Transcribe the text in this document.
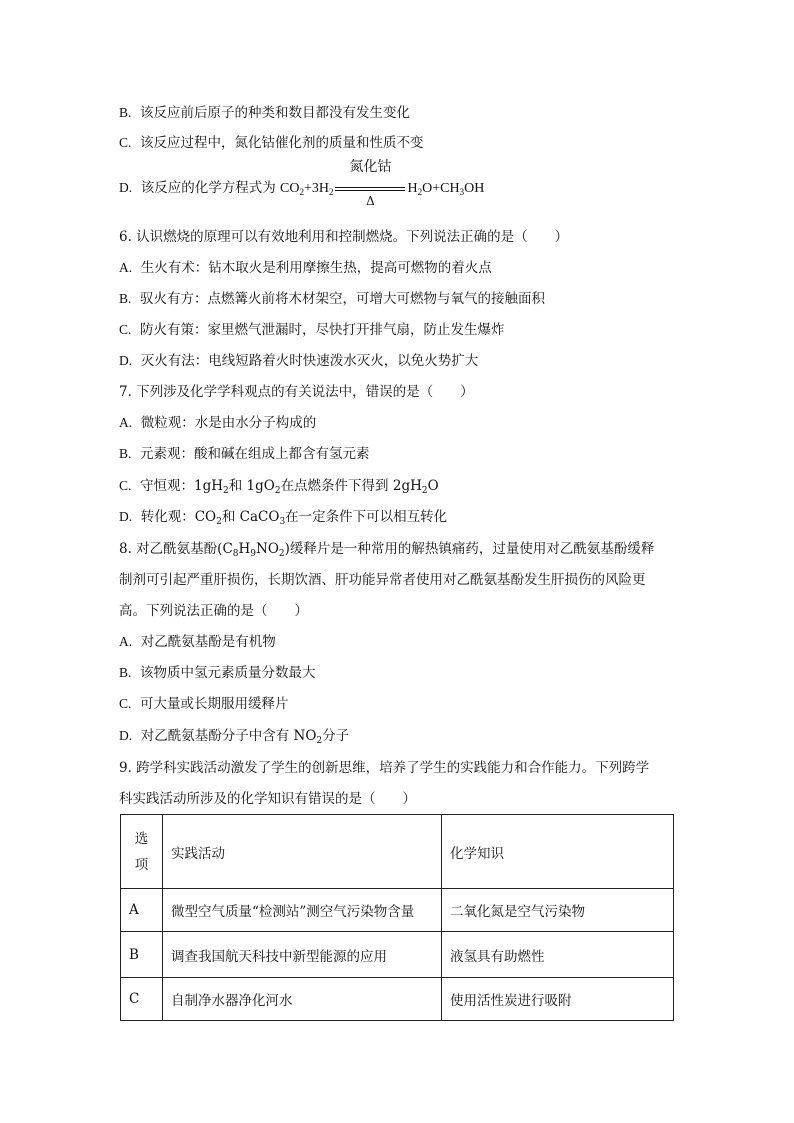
B. 该反应前后原子的种类和数目都没有发生变化
C. 该反应过程中，氮化钴催化剂的质量和性质不变
D. 该反应的化学方程式为 $CO_2+3H_2 \frac{\text{氮化钴}}{\Delta} H_2O+CH_3OH$
6. 认识燃烧的原理可以有效地利用和控制燃烧。下列说法正确的是（　　）
A. 生火有术：钻木取火是利用摩擦生热，提高可燃物的着火点
B. 驭火有方：点燃篝火前将木材架空，可增大可燃物与氧气的接触面积
C. 防火有策：家里燃气泄漏时，尽快打开排气扇，防止发生爆炸
D. 灭火有法：电线短路着火时快速泼水灭火，以免火势扩大
7. 下列涉及化学学科观点的有关说法中，错误的是（　　）
A. 微粒观：水是由水分子构成的
B. 元素观：酸和碱在组成上都含有氢元素
C. 守恒观：$1gH_2$和 $1gO_2$在点燃条件下得到 $2gH_2O$
D. 转化观：$CO_2$和 CaCO$_3$在一定条件下可以相互转化
8. 对乙酰氨基酚$(C_8H_9NO_2)$缓释片是一种常用的解热镇痛药，过量使用对乙酰氨基酚缓释
制剂可引起严重肝损伤，长期饮酒、肝功能异常者使用对乙酰氨基酚发生肝损伤的风险更
高。下列说法正确的是（　　）
A. 对乙酰氨基酚是有机物
B. 该物质中氢元素质量分数最大
C. 可大量或长期服用缓释片
D. 对乙酰氨基酚分子中含有 $NO_2$分子
9. 跨学科实践活动激发了学生的创新思维，培养了学生的实践能力和合作能力。下列跨学
科实践活动所涉及的化学知识有错误的是（　　）
选
项	实践活动	化学知识
A	微型空气质量“检测站”测空气污染物含量	二氧化氮是空气污染物
B	调查我国航天科技中新型能源的应用	液氢具有助燃性
C	自制净水器净化河水	使用活性炭进行吸附
